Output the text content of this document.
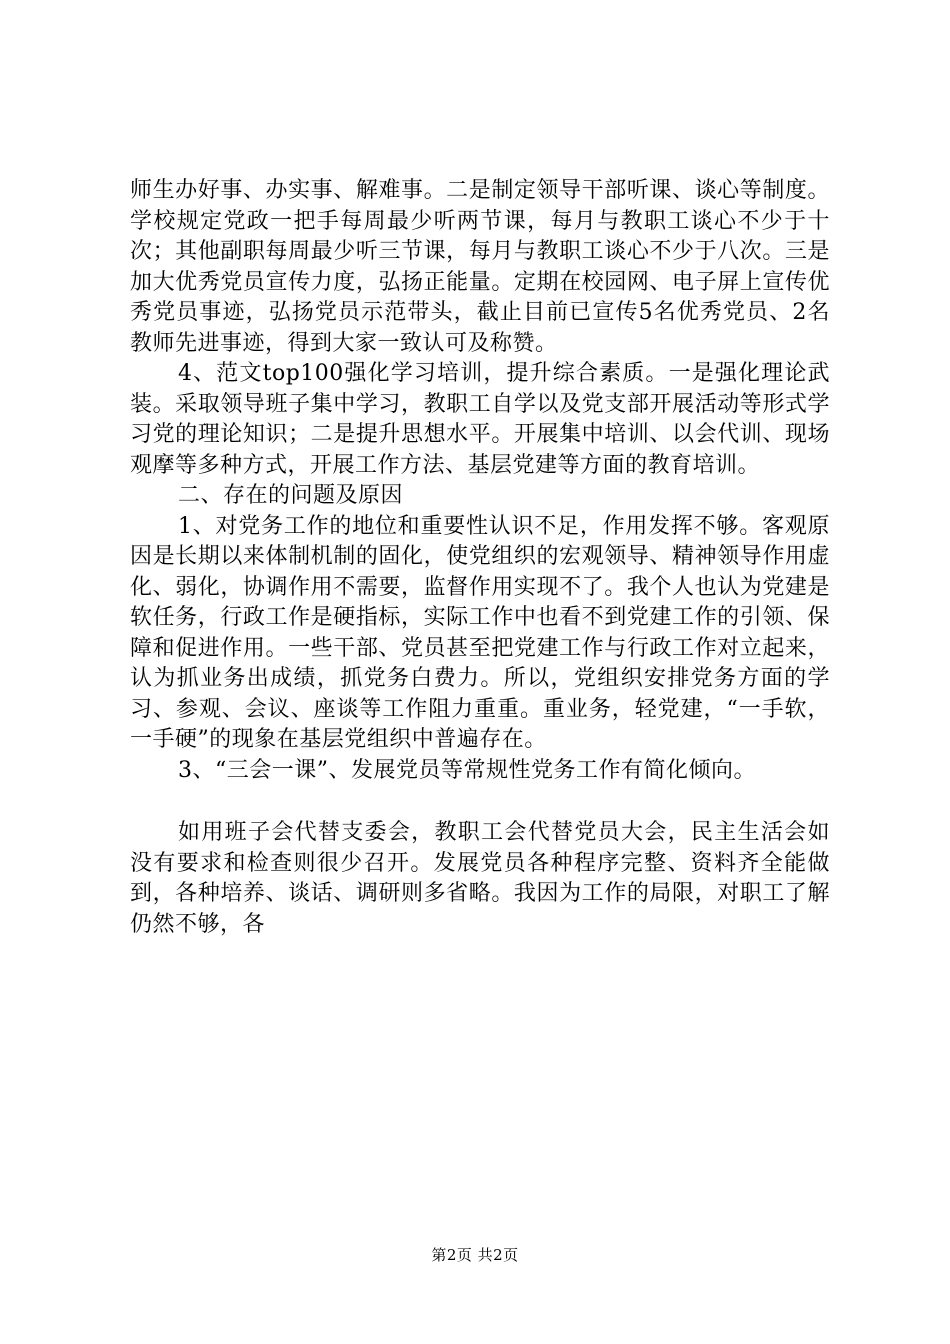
师生办好事、办实事、解难事。二是制定领导干部听课、谈心等制度。学校规定党政一把手每周最少听两节课，每月与教职工谈心不少于十次；其他副职每周最少听三节课，每月与教职工谈心不少于八次。三是加大优秀党员宣传力度，弘扬正能量。定期在校园网、电子屏上宣传优秀党员事迹，弘扬党员示范带头，截止目前已宣传5名优秀党员、2名教师先进事迹，得到大家一致认可及称赞。

4、范文top100强化学习培训，提升综合素质。一是强化理论武装。采取领导班子集中学习，教职工自学以及党支部开展活动等形式学习党的理论知识；二是提升思想水平。开展集中培训、以会代训、现场观摩等多种方式，开展工作方法、基层党建等方面的教育培训。

二、存在的问题及原因

1、对党务工作的地位和重要性认识不足，作用发挥不够。客观原因是长期以来体制机制的固化，使党组织的宏观领导、精神领导作用虚化、弱化，协调作用不需要，监督作用实现不了。我个人也认为党建是软任务，行政工作是硬指标，实际工作中也看不到党建工作的引领、保障和促进作用。一些干部、党员甚至把党建工作与行政工作对立起来，认为抓业务出成绩，抓党务白费力。所以，党组织安排党务方面的学习、参观、会议、座谈等工作阻力重重。重业务，轻党建，“一手软，一手硬”的现象在基层党组织中普遍存在。

3、“三会一课”、发展党员等常规性党务工作有简化倾向。

如用班子会代替支委会，教职工会代替党员大会，民主生活会如没有要求和检查则很少召开。发展党员各种程序完整、资料齐全能做到，各种培养、谈话、调研则多省略。我因为工作的局限，对职工了解仍然不够，各

第2页 共2页
